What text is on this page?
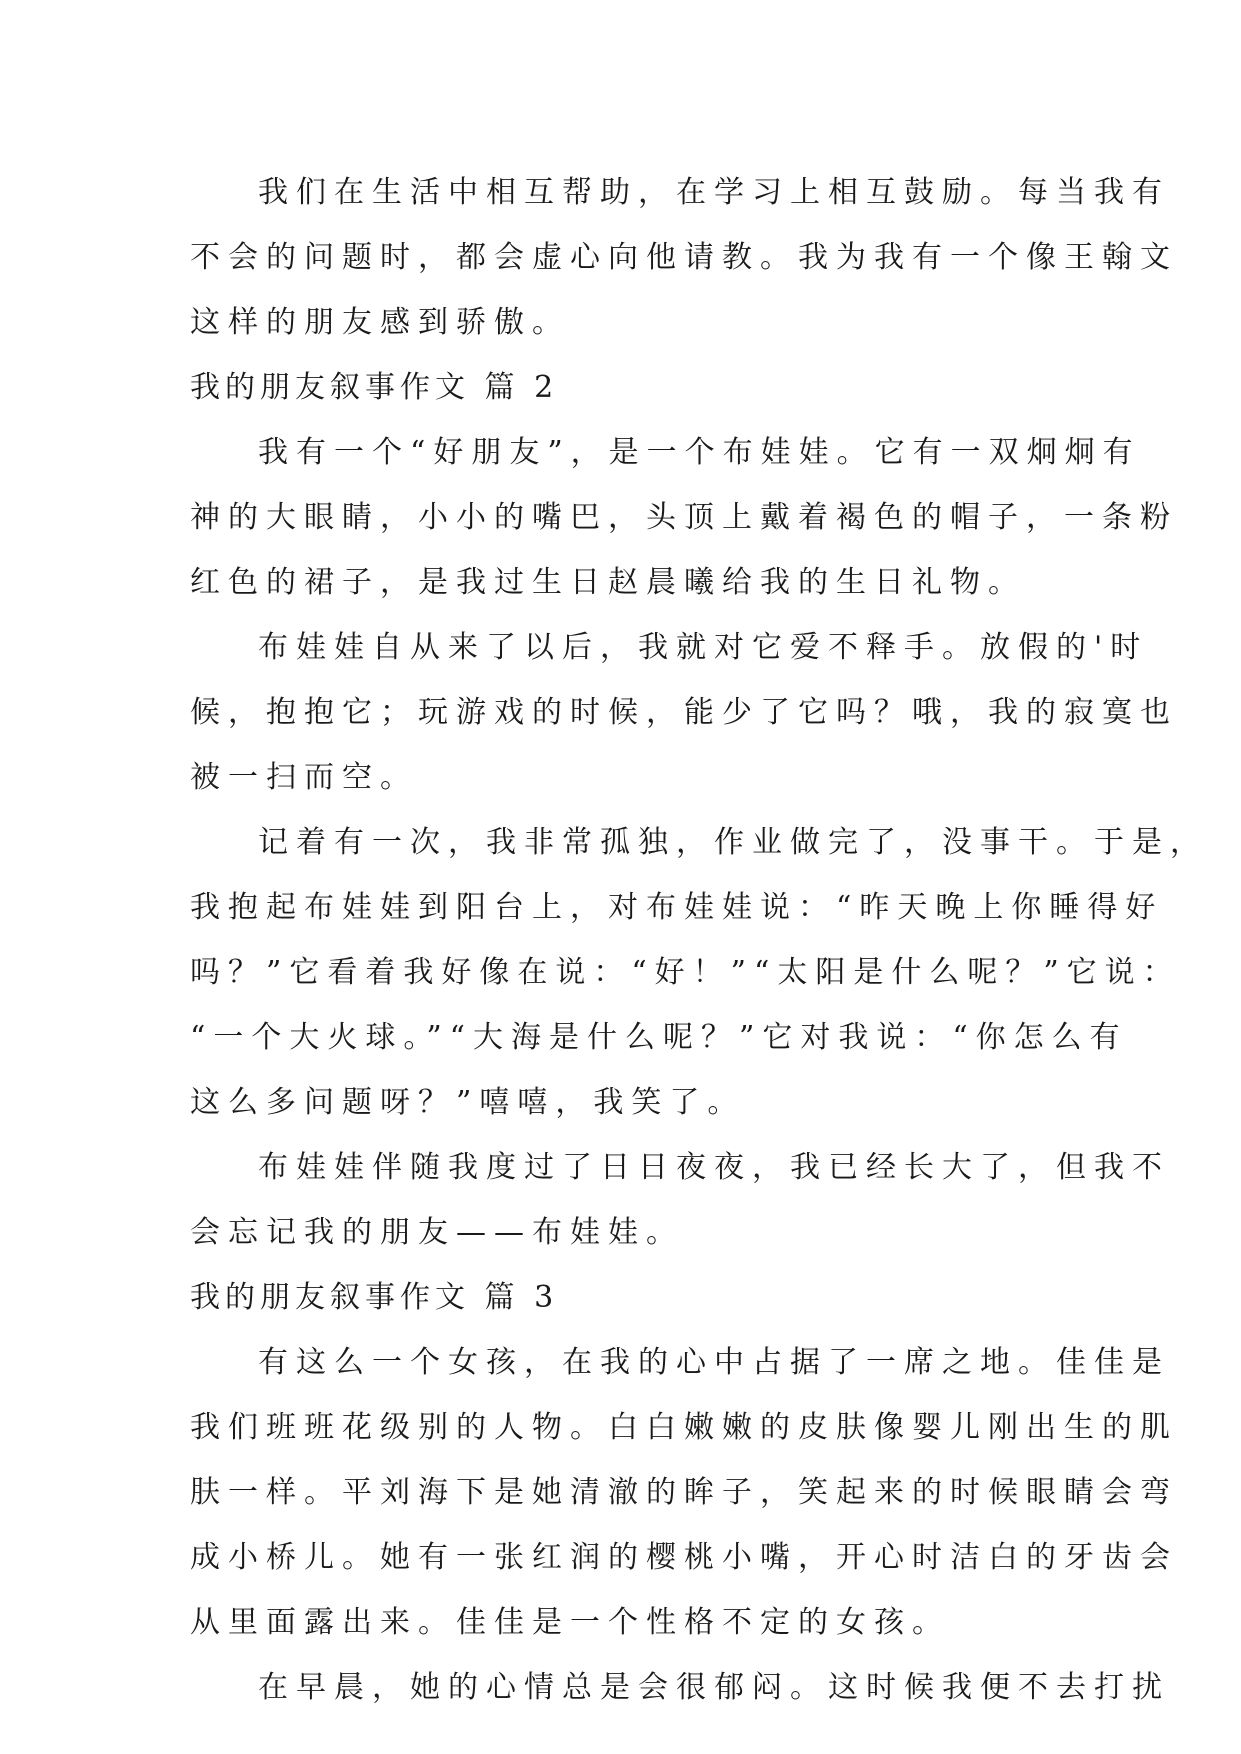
我们在生活中相互帮助，在学习上相互鼓励。每当我有
不会的问题时，都会虚心向他请教。我为我有一个像王翰文
这样的朋友感到骄傲。
我的朋友叙事作文 篇 2
我有一个“好朋友”，是一个布娃娃。它有一双炯炯有
神的大眼睛，小小的嘴巴，头顶上戴着褐色的帽子，一条粉
红色的裙子，是我过生日赵晨曦给我的生日礼物。
布娃娃自从来了以后，我就对它爱不释手。放假的'时
候，抱抱它；玩游戏的时候，能少了它吗？哦，我的寂寞也
被一扫而空。
记着有一次，我非常孤独，作业做完了，没事干。于是，
我抱起布娃娃到阳台上，对布娃娃说：“昨天晚上你睡得好
吗？”它看着我好像在说：“好！”“太阳是什么呢？”它说：
“一个大火球。”“大海是什么呢？”它对我说：“你怎么有
这么多问题呀？”嘻嘻，我笑了。
布娃娃伴随我度过了日日夜夜，我已经长大了，但我不
会忘记我的朋友——布娃娃。
我的朋友叙事作文 篇 3
有这么一个女孩，在我的心中占据了一席之地。佳佳是
我们班班花级别的人物。白白嫩嫩的皮肤像婴儿刚出生的肌
肤一样。平刘海下是她清澈的眸子，笑起来的时候眼睛会弯
成小桥儿。她有一张红润的樱桃小嘴，开心时洁白的牙齿会
从里面露出来。佳佳是一个性格不定的女孩。
在早晨，她的心情总是会很郁闷。这时候我便不去打扰
